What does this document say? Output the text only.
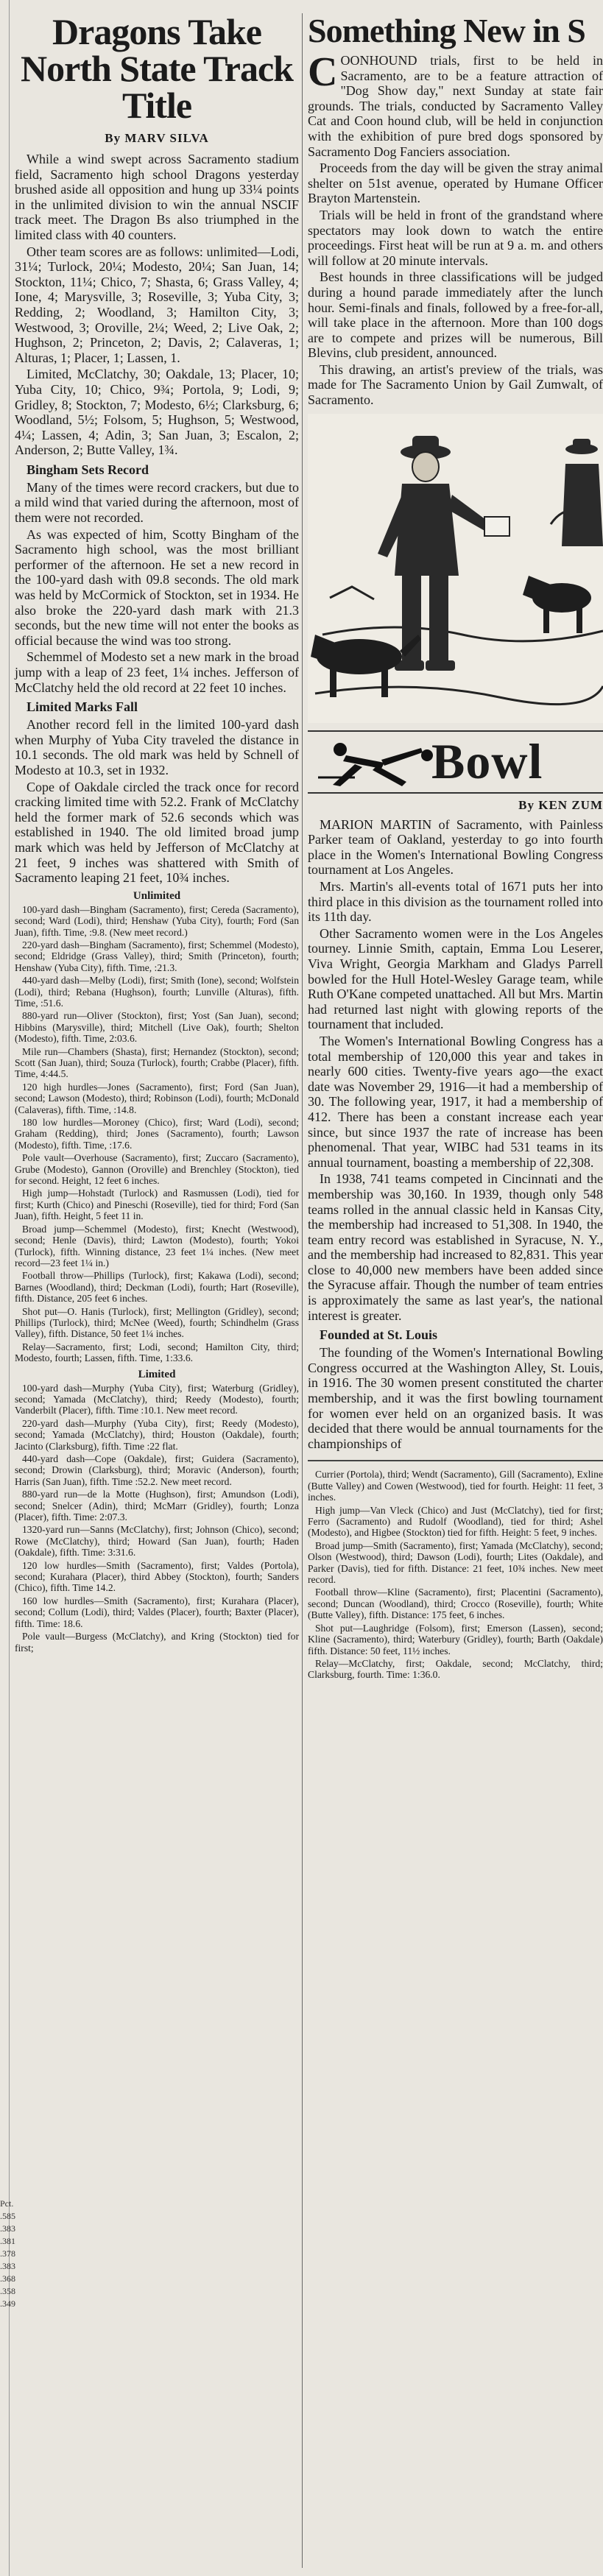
Pct.
.585
.383
.381
.378
.383
.368
.358
.349
Dragons Take North State Track Title
By MARV SILVA

While a wind swept across Sacramento stadium field, Sacramento high school Dragons yesterday brushed aside all opposition and hung up 33¼ points in the unlimited division to win the annual NSCIF track meet. The Dragon Bs also triumphed in the limited class with 40 counters.

Other team scores are as follows: unlimited—Lodi, 31¼; Turlock, 20¼; Modesto, 20¼; San Juan, 14; Stockton, 11¼; Chico, 7; Shasta, 6; Grass Valley, 4; Ione, 4; Marysville, 3; Roseville, 3; Yuba City, 3; Redding, 2; Woodland, 3; Hamilton City, 3; Westwood, 3; Oroville, 2¼; Weed, 2; Live Oak, 2; Hughson, 2; Princeton, 2; Davis, 2; Calaveras, 1; Alturas, 1; Placer, 1; Lassen, 1.

Limited, McClatchy, 30; Oakdale, 13; Placer, 10; Yuba City, 10; Chico, 9¾; Portola, 9; Lodi, 9; Gridley, 8; Stockton, 7; Modesto, 6½; Clarksburg, 6; Woodland, 5½; Folsom, 5; Hughson, 5; Westwood, 4¼; Lassen, 4; Adin, 3; San Juan, 3; Escalon, 2; Anderson, 2; Butte Valley, 1¾.

Bingham Sets Record

Many of the times were record crackers, but due to a mild wind that varied during the afternoon, most of them were not recorded.

As was expected of him, Scotty Bingham of the Sacramento high school, was the most brilliant performer of the afternoon. He set a new record in the 100-yard dash with 09.8 seconds. The old mark was held by McCormick of Stockton, set in 1934. He also broke the 220-yard dash mark with 21.3 seconds, but the new time will not enter the books as official because the wind was too strong.

Schemmel of Modesto set a new mark in the broad jump with a leap of 23 feet, 1¼ inches. Jefferson of McClatchy held the old record at 22 feet 10 inches.

Limited Marks Fall

Another record fell in the limited 100-yard dash when Murphy of Yuba City traveled the distance in 10.1 seconds. The old mark was held by Schnell of Modesto at 10.3, set in 1932.

Cope of Oakdale circled the track once for record cracking limited time with 52.2. Frank of McClatchy held the former mark of 52.6 seconds which was established in 1940. The old limited broad jump mark which was held by Jefferson of McClatchy at 21 feet, 9 inches was shattered with Smith of Sacramento leaping 21 feet, 10¾ inches.

Unlimited

100-yard dash—Bingham (Sacramento), first; Cereda (Sacramento), second; Ward (Lodi), third; Henshaw (Yuba City), fourth; Ford (San Juan), fifth. Time, :9.8. (New meet record.)

220-yard dash—Bingham (Sacramento), first; Schemmel (Modesto), second; Eldridge (Grass Valley), third; Smith (Princeton), fourth; Henshaw (Yuba City), fifth. Time, :21.3.

440-yard dash—Melby (Lodi), first; Smith (Ione), second; Wolfstein (Lodi), third; Rebana (Hughson), fourth; Lunville (Alturas), fifth. Time, :51.6.

880-yard run—Oliver (Stockton), first; Yost (San Juan), second; Hibbins (Marysville), third; Mitchell (Live Oak), fourth; Shelton (Modesto), fifth. Time, 2:03.6.

Mile run—Chambers (Shasta), first; Hernandez (Stockton), second; Scott (San Juan), third; Souza (Turlock), fourth; Crabbe (Placer), fifth. Time, 4:44.5.

120 high hurdles—Jones (Sacramento), first; Ford (San Juan), second; Lawson (Modesto), third; Robinson (Lodi), fourth; McDonald (Calaveras), fifth. Time, :14.8.

180 low hurdles—Moroney (Chico), first; Ward (Lodi), second; Graham (Redding), third; Jones (Sacramento), fourth; Lawson (Modesto), fifth. Time, :17.6.

Pole vault—Overhouse (Sacramento), first; Zuccaro (Sacramento), Grube (Modesto), Gannon (Oroville) and Brenchley (Stockton), tied for second. Height, 12 feet 6 inches.

High jump—Hohstadt (Turlock) and Rasmussen (Lodi), tied for first; Kurth (Chico) and Pineschi (Roseville), tied for third; Ford (San Juan), fifth. Height, 5 feet 11 in.

Broad jump—Schemmel (Modesto), first; Knecht (Westwood), second; Henle (Davis), third; Lawton (Modesto), fourth; Yokoi (Turlock), fifth. Winning distance, 23 feet 1¼ inches. (New meet record—23 feet 1¼ in.)

Football throw—Phillips (Turlock), first; Kakawa (Lodi), second; Barnes (Woodland), third; Deckman (Lodi), fourth; Hart (Roseville), fifth. Distance, 205 feet 6 inches.

Shot put—O. Hanis (Turlock), first; Mellington (Gridley), second; Phillips (Turlock), third; McNee (Weed), fourth; Schindhelm (Grass Valley), fifth. Distance, 50 feet 1¼ inches.

Relay—Sacramento, first; Lodi, second; Hamilton City, third; Modesto, fourth; Lassen, fifth. Time, 1:33.6.

Limited

100-yard dash—Murphy (Yuba City), first; Waterburg (Gridley), second; Yamada (McClatchy), third; Reedy (Modesto), fourth; Vanderbilt (Placer), fifth. Time :10.1. New meet record.

220-yard dash—Murphy (Yuba City), first; Reedy (Modesto), second; Yamada (McClatchy), third; Houston (Oakdale), fourth; Jacinto (Clarksburg), fifth. Time :22 flat.

440-yard dash—Cope (Oakdale), first; Guidera (Sacramento), second; Drowin (Clarksburg), third; Moravic (Anderson), fourth; Harris (San Juan), fifth. Time :52.2. New meet record.

880-yard run—de la Motte (Hughson), first; Amundson (Lodi), second; Snelcer (Adin), third; McMarr (Gridley), fourth; Lonza (Placer), fifth. Time: 2:07.3.

1320-yard run—Sanns (McClatchy), first; Johnson (Chico), second; Rowe (McClatchy), third; Howard (San Juan), fourth; Haden (Oakdale), fifth. Time: 3:31.6.

120 low hurdles—Smith (Sacramento), first; Valdes (Portola), second; Kurahara (Placer), third Abbey (Stockton), fourth; Sanders (Chico), fifth. Time 14.2.

160 low hurdles—Smith (Sacramento), first; Kurahara (Placer), second; Collum (Lodi), third; Valdes (Placer), fourth; Baxter (Placer), fifth. Time: 18.6.

Pole vault—Burgess (McClatchy), and Kring (Stockton) tied for first;

Something New in S

COONHOUND trials, first to be held in Sacramento, are to be a feature attraction of "Dog Show day," next Sunday at state fair grounds. The trials, conducted by Sacramento Valley Cat and Coon hound club, will be held in conjunction with the exhibition of pure bred dogs sponsored by Sacramento Dog Fanciers association.

Proceeds from the day will be given the stray animal shelter on 51st avenue, operated by Humane Officer Brayton Martenstein.

Trials will be held in front of the grandstand where spectators may look down to watch the entire proceedings. First heat will be run at 9 a. m. and others will follow at 20 minute intervals.

Best hounds in three classifications will be judged during a hound parade immediately after the lunch hour. Semi-finals and finals, followed by a free-for-all, will take place in the afternoon. More than 100 dogs are to compete and prizes will be numerous, Bill Blevins, club president, announced.

This drawing, an artist's preview of the trials, was made for The Sacramento Union by Gail Zumwalt, of Sacramento.

Bowl
By KEN ZUM

MARION MARTIN of Sacramento, with Painless Parker team of Oakland, yesterday to go into fourth place in the Women's International Bowling Congress tournament at Los Angeles.

Mrs. Martin's all-events total of 1671 puts her into third place in this division as the tournament rolled into its 11th day.

Other Sacramento women were in the Los Angeles tourney. Linnie Smith, captain, Emma Lou Leserer, Viva Wright, Georgia Markham and Gladys Parrell bowled for the Hull Hotel-Wesley Garage team, while Ruth O'Kane competed unattached. All but Mrs. Martin had returned last night with glowing reports of the tournament that included.

The Women's International Bowling Congress has a total membership of 120,000 this year and takes in nearly 600 cities. Twenty-five years ago—the exact date was November 29, 1916—it had a membership of 30. The following year, 1917, it had a membership of 412. There has been a constant increase each year since, but since 1937 the rate of increase has been phenomenal. That year, WIBC had 531 teams in its annual tournament, boasting a membership of 22,308.

In 1938, 741 teams competed in Cincinnati and the membership was 30,160. In 1939, though only 548 teams rolled in the annual classic held in Kansas City, the membership had increased to 51,308. In 1940, the team entry record was established in Syracuse, N. Y., and the membership had increased to 82,831. This year close to 40,000 new members have been added since the Syracuse affair. Though the number of team entries is approximately the same as last year's, the national interest is greater.

Founded at St. Louis

The founding of the Women's International Bowling Congress occurred at the Washington Alley, St. Louis, in 1916. The 30 women present constituted the charter membership, and it was the first bowling tournament for women ever held on an organized basis. It was decided that there would be annual tournaments for the championships of

Currier (Portola), third; Wendt (Sacramento), Gill (Sacramento), Exline (Butte Valley) and Cowen (Westwood), tied for fourth. Height: 11 feet, 3 inches.

High jump—Van Vleck (Chico) and Just (McClatchy), tied for first; Ferro (Sacramento) and Rudolf (Woodland), tied for third; Ashel (Modesto), and Higbee (Stockton) tied for fifth. Height: 5 feet, 9 inches.

Broad jump—Smith (Sacramento), first; Yamada (McClatchy), second; Olson (Westwood), third; Dawson (Lodi), fourth; Lites (Oakdale), and Parker (Davis), tied for fifth. Distance: 21 feet, 10¾ inches. New meet record.

Football throw—Kline (Sacramento), first; Placentini (Sacramento), second; Duncan (Woodland), third; Crocco (Roseville), fourth; White (Butte Valley), fifth. Distance: 175 feet, 6 inches.

Shot put—Laughridge (Folsom), first; Emerson (Lassen), second; Kline (Sacramento), third; Waterbury (Gridley), fourth; Barth (Oakdale) fifth. Distance: 50 feet, 11½ inches.

Relay—McClatchy, first; Oakdale, second; McClatchy, third; Clarksburg, fourth. Time: 1:36.0.
